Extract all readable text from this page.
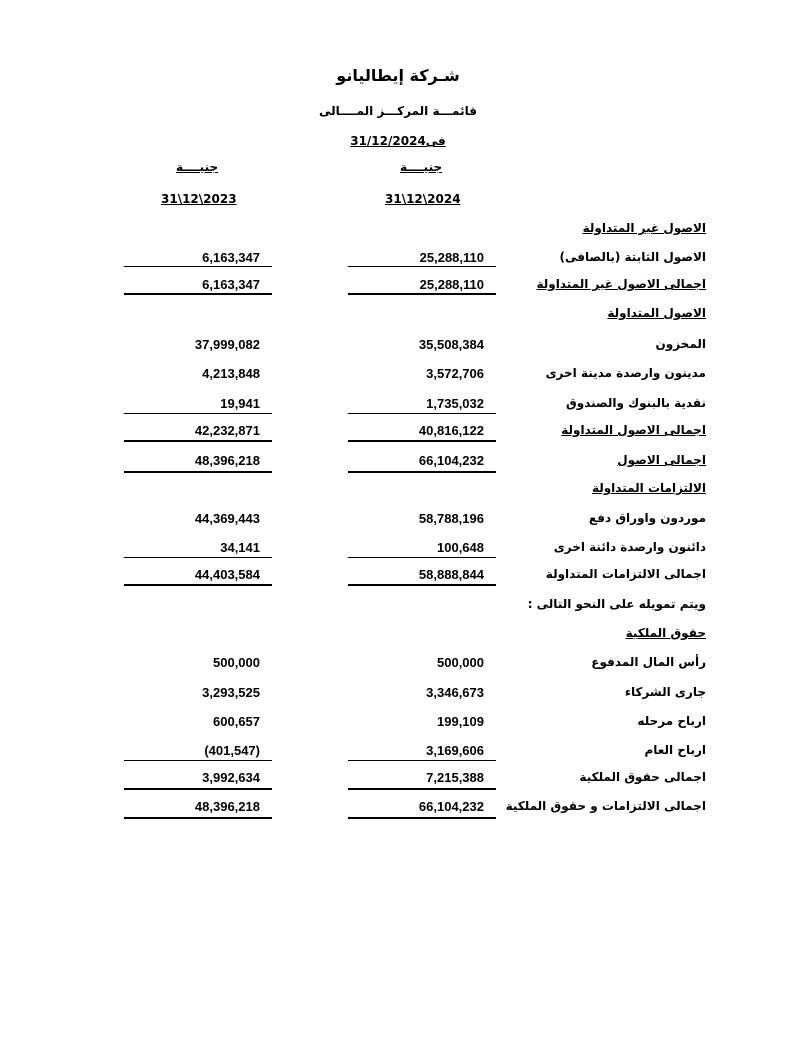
شـركة إيطاليانو
قائمـــة المركـــز المــــالى
فى31/12/2024
جنيــــة
جنيــــة
31\12\2024
31\12\2023
الاصول غير المتداولة
الاصول الثابتة (بالصافى)
25,288,110
6,163,347
اجمالى الاصول غير المتداولة
25,288,110
6,163,347
الاصول المتداولة
المخزون
35,508,384
37,999,082
مدينون وارصدة مدينة اخرى
3,572,706
4,213,848
نقدية بالبنوك والصندوق
1,735,032
19,941
اجمالى الاصول المتداولة
40,816,122
42,232,871
اجمالى الاصول
66,104,232
48,396,218
الالتزامات المتداولة
موردون واوراق دفع
58,788,196
44,369,443
دائنون وارصدة دائنة اخرى
100,648
34,141
اجمالى الالتزامات المتداولة
58,888,844
44,403,584
ويتم تمويله على النحو التالى :
حقوق الملكية
رأس المال المدفوع
500,000
500,000
جارى الشركاء
3,346,673
3,293,525
ارباح مرحله
199,109
600,657
ارباح العام
3,169,606
(401,547)
اجمالى حقوق الملكية
7,215,388
3,992,634
اجمالى الالتزامات و حقوق الملكية
66,104,232
48,396,218
